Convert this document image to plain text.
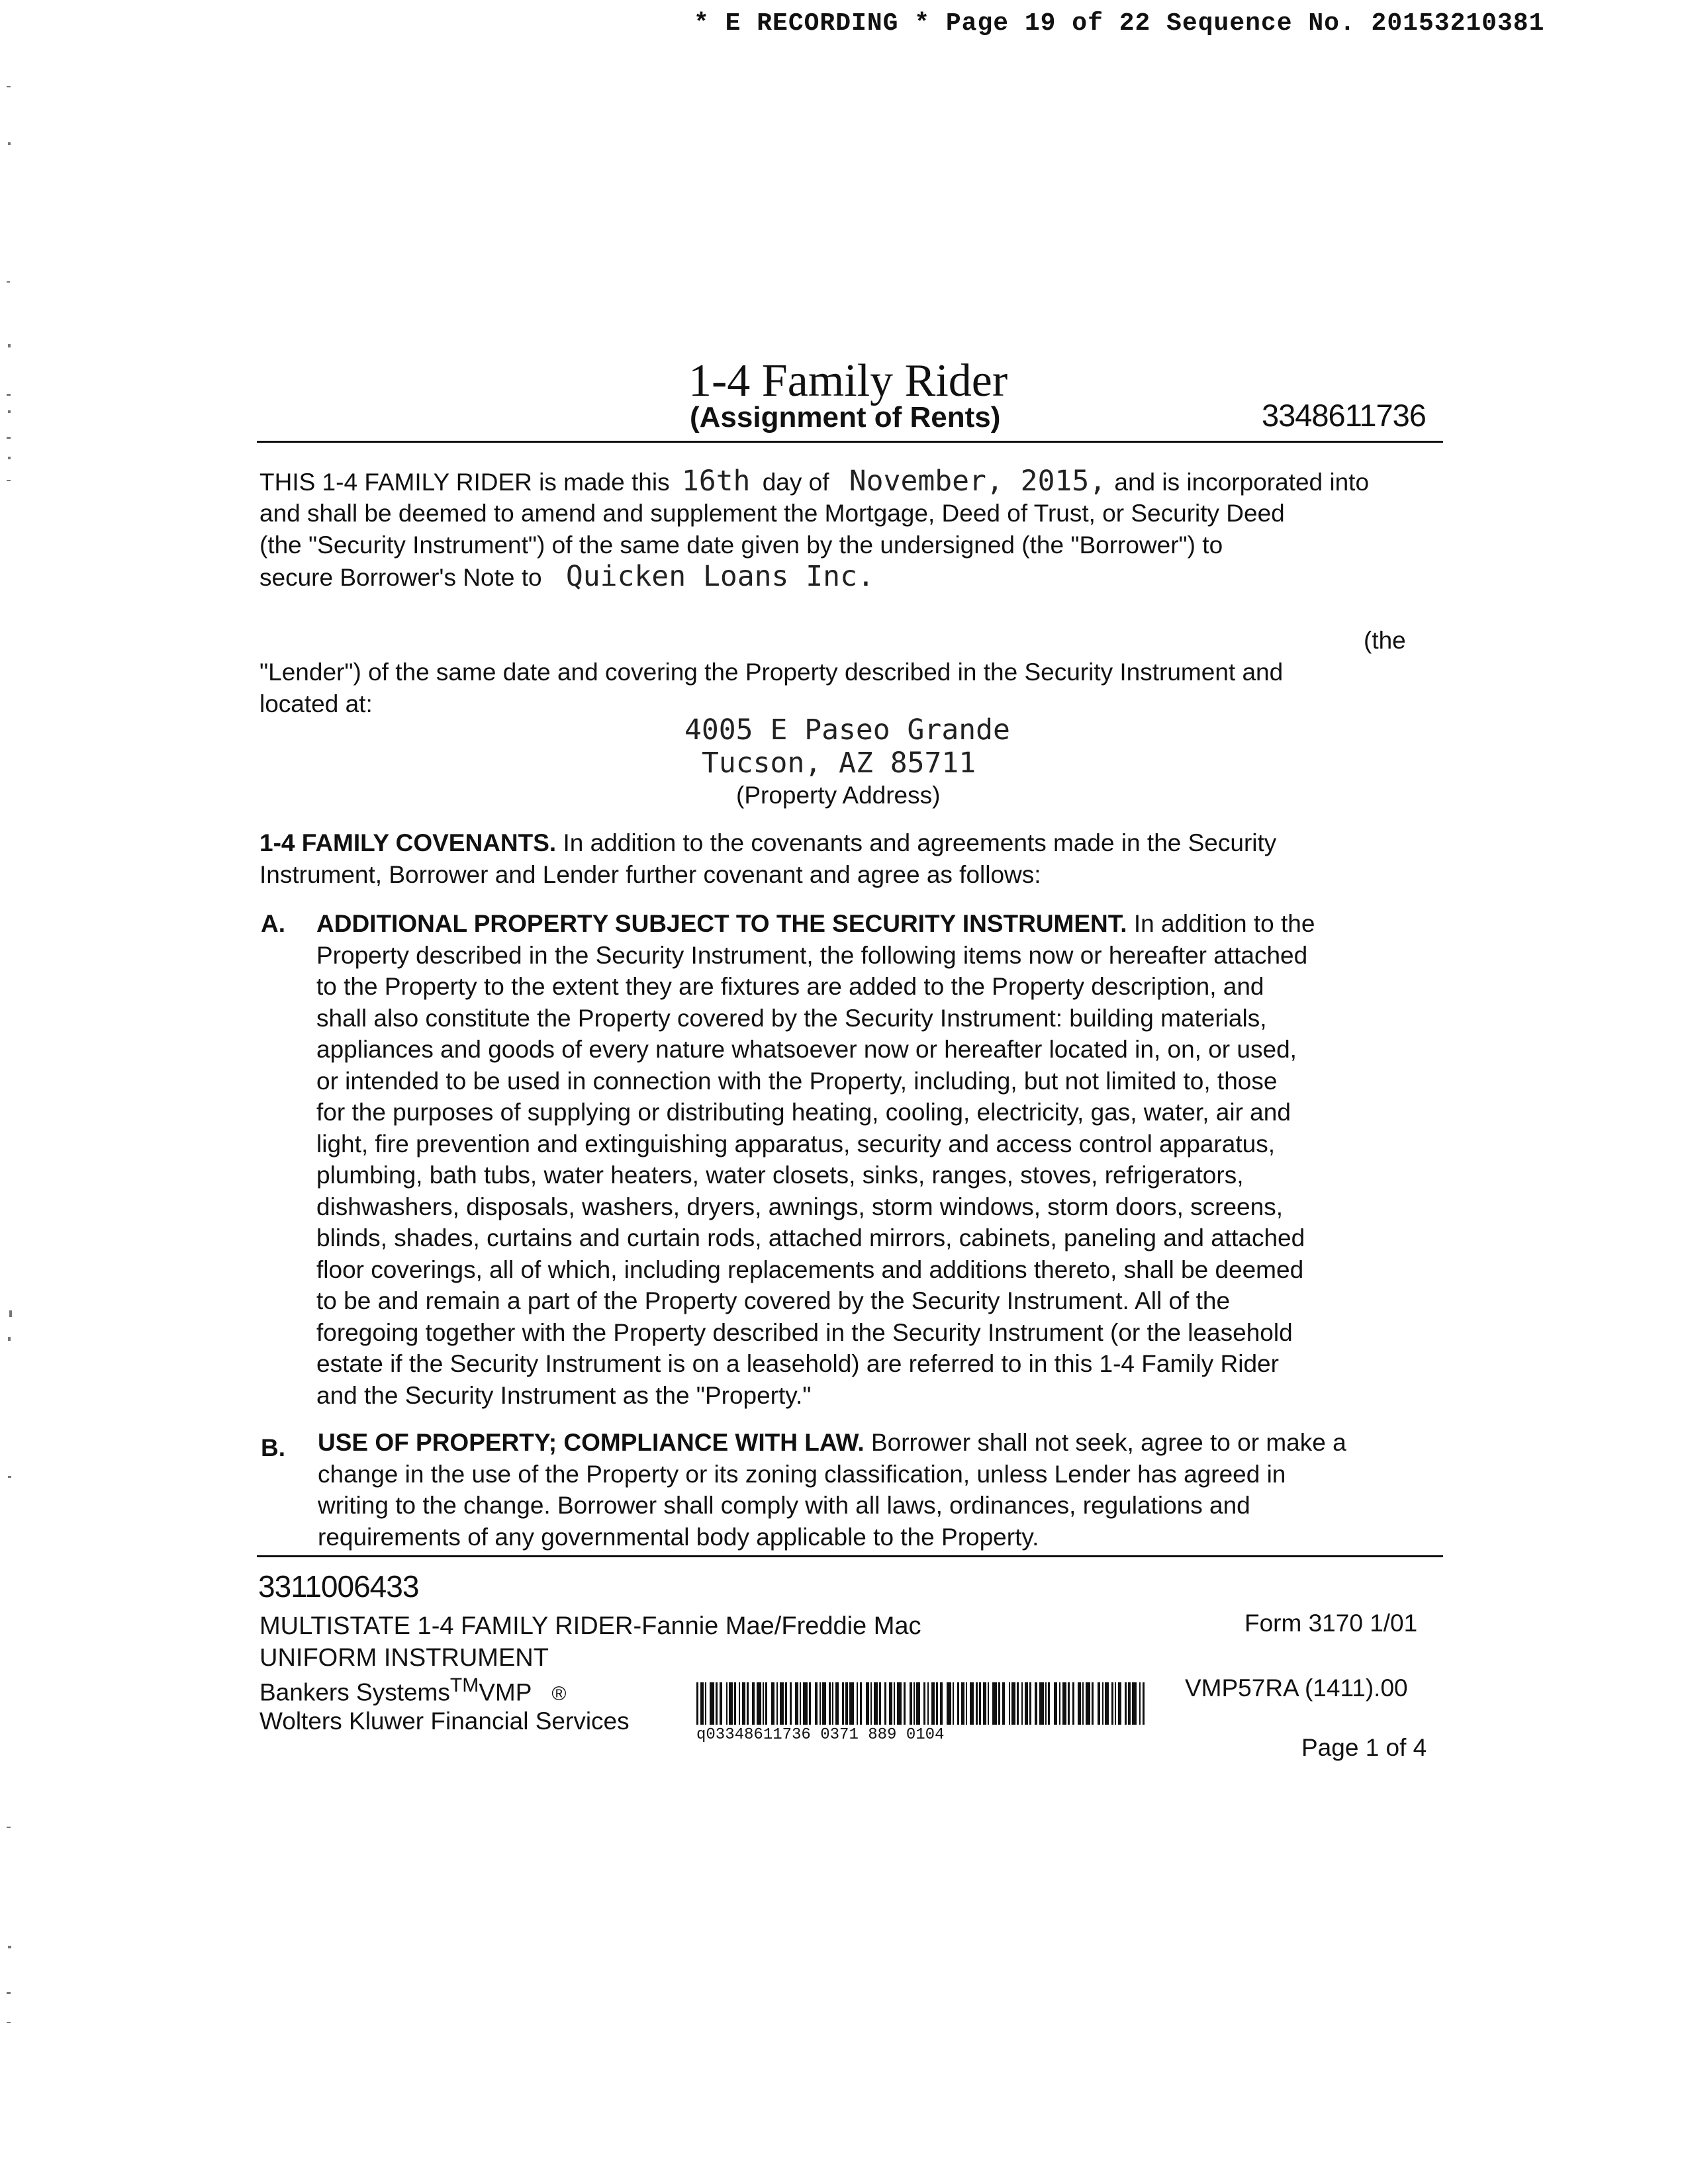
* E RECORDING * Page 19 of 22 Sequence No. 20153210381
1-4 Family Rider
(Assignment of Rents)	3348611736
THIS 1-4 FAMILY RIDER is made this 16th day of November, 2015, and is incorporated into
and shall be deemed to amend and supplement the Mortgage, Deed of Trust, or Security Deed
(the "Security Instrument") of the same date given by the undersigned (the "Borrower") to
secure Borrower's Note to Quicken Loans Inc.
(the
"Lender") of the same date and covering the Property described in the Security Instrument and
located at:
4005 E Paseo Grande
Tucson, AZ 85711
(Property Address)
1-4 FAMILY COVENANTS. In addition to the covenants and agreements made in the Security
Instrument, Borrower and Lender further covenant and agree as follows:
A. ADDITIONAL PROPERTY SUBJECT TO THE SECURITY INSTRUMENT. In addition to the
Property described in the Security Instrument, the following items now or hereafter attached
to the Property to the extent they are fixtures are added to the Property description, and
shall also constitute the Property covered by the Security Instrument: building materials,
appliances and goods of every nature whatsoever now or hereafter located in, on, or used,
or intended to be used in connection with the Property, including, but not limited to, those
for the purposes of supplying or distributing heating, cooling, electricity, gas, water, air and
light, fire prevention and extinguishing apparatus, security and access control apparatus,
plumbing, bath tubs, water heaters, water closets, sinks, ranges, stoves, refrigerators,
dishwashers, disposals, washers, dryers, awnings, storm windows, storm doors, screens,
blinds, shades, curtains and curtain rods, attached mirrors, cabinets, paneling and attached
floor coverings, all of which, including replacements and additions thereto, shall be deemed
to be and remain a part of the Property covered by the Security Instrument. All of the
foregoing together with the Property described in the Security Instrument (or the leasehold
estate if the Security Instrument is on a leasehold) are referred to in this 1-4 Family Rider
and the Security Instrument as the "Property."
B. USE OF PROPERTY; COMPLIANCE WITH LAW. Borrower shall not seek, agree to or make a
change in the use of the Property or its zoning classification, unless Lender has agreed in
writing to the change. Borrower shall comply with all laws, ordinances, regulations and
requirements of any governmental body applicable to the Property.
3311006433
MULTISTATE 1-4 FAMILY RIDER-Fannie Mae/Freddie Mac
UNIFORM INSTRUMENT
Bankers Systems™VMP ®
Wolters Kluwer Financial Services
Form 3170 1/01
VMP57RA (1411).00
Page 1 of 4
q03348611736 0371 889 0104
